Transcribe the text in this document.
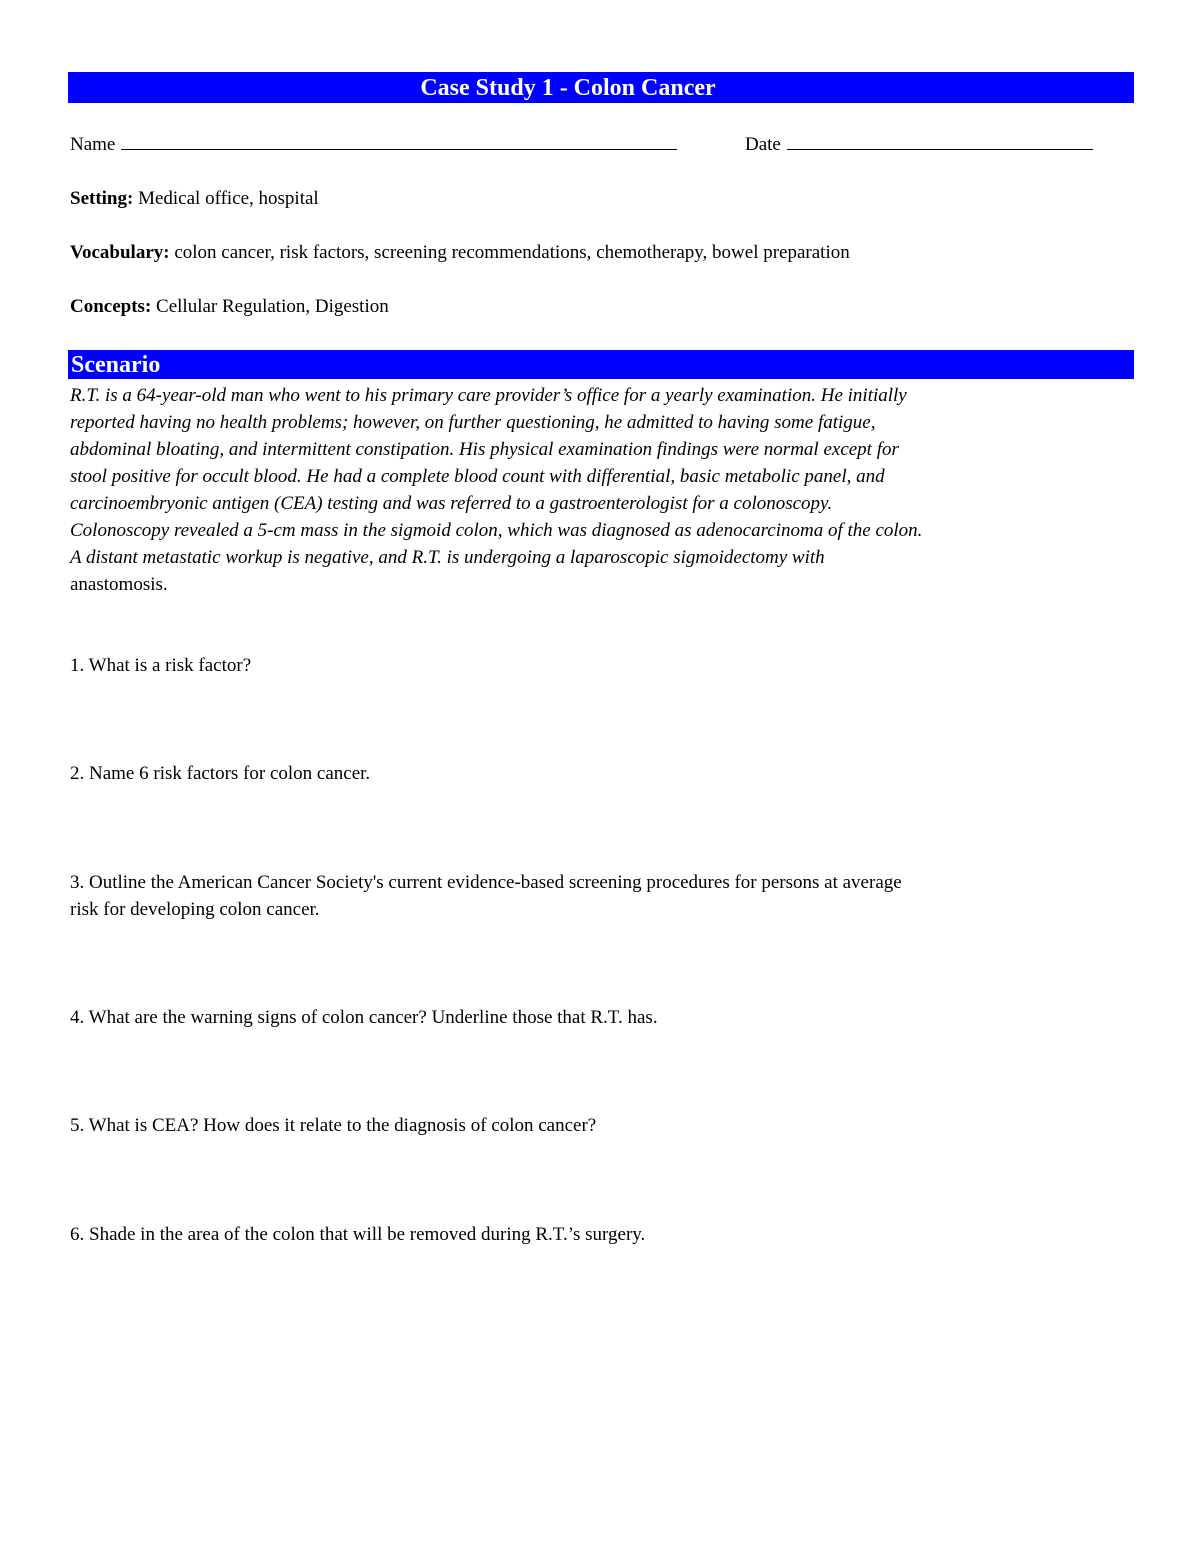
Case Study 1 - Colon Cancer
Name	Date
Setting: Medical office, hospital
Vocabulary: colon cancer, risk factors, screening recommendations, chemotherapy, bowel preparation
Concepts: Cellular Regulation, Digestion
Scenario
R.T. is a 64-year-old man who went to his primary care provider’s office for a yearly examination. He initially
reported having no health problems; however, on further questioning, he admitted to having some fatigue,
abdominal bloating, and intermittent constipation. His physical examination findings were normal except for
stool positive for occult blood. He had a complete blood count with differential, basic metabolic panel, and
carcinoembryonic antigen (CEA) testing and was referred to a gastroenterologist for a colonoscopy.
Colonoscopy revealed a 5-cm mass in the sigmoid colon, which was diagnosed as adenocarcinoma of the colon.
A distant metastatic workup is negative, and R.T. is undergoing a laparoscopic sigmoidectomy with
anastomosis.
1. What is a risk factor?
2. Name 6 risk factors for colon cancer.
3. Outline the American Cancer Society's current evidence-based screening procedures for persons at average
risk for developing colon cancer.
4. What are the warning signs of colon cancer? Underline those that R.T. has.
5. What is CEA? How does it relate to the diagnosis of colon cancer?
6. Shade in the area of the colon that will be removed during R.T.’s surgery.
